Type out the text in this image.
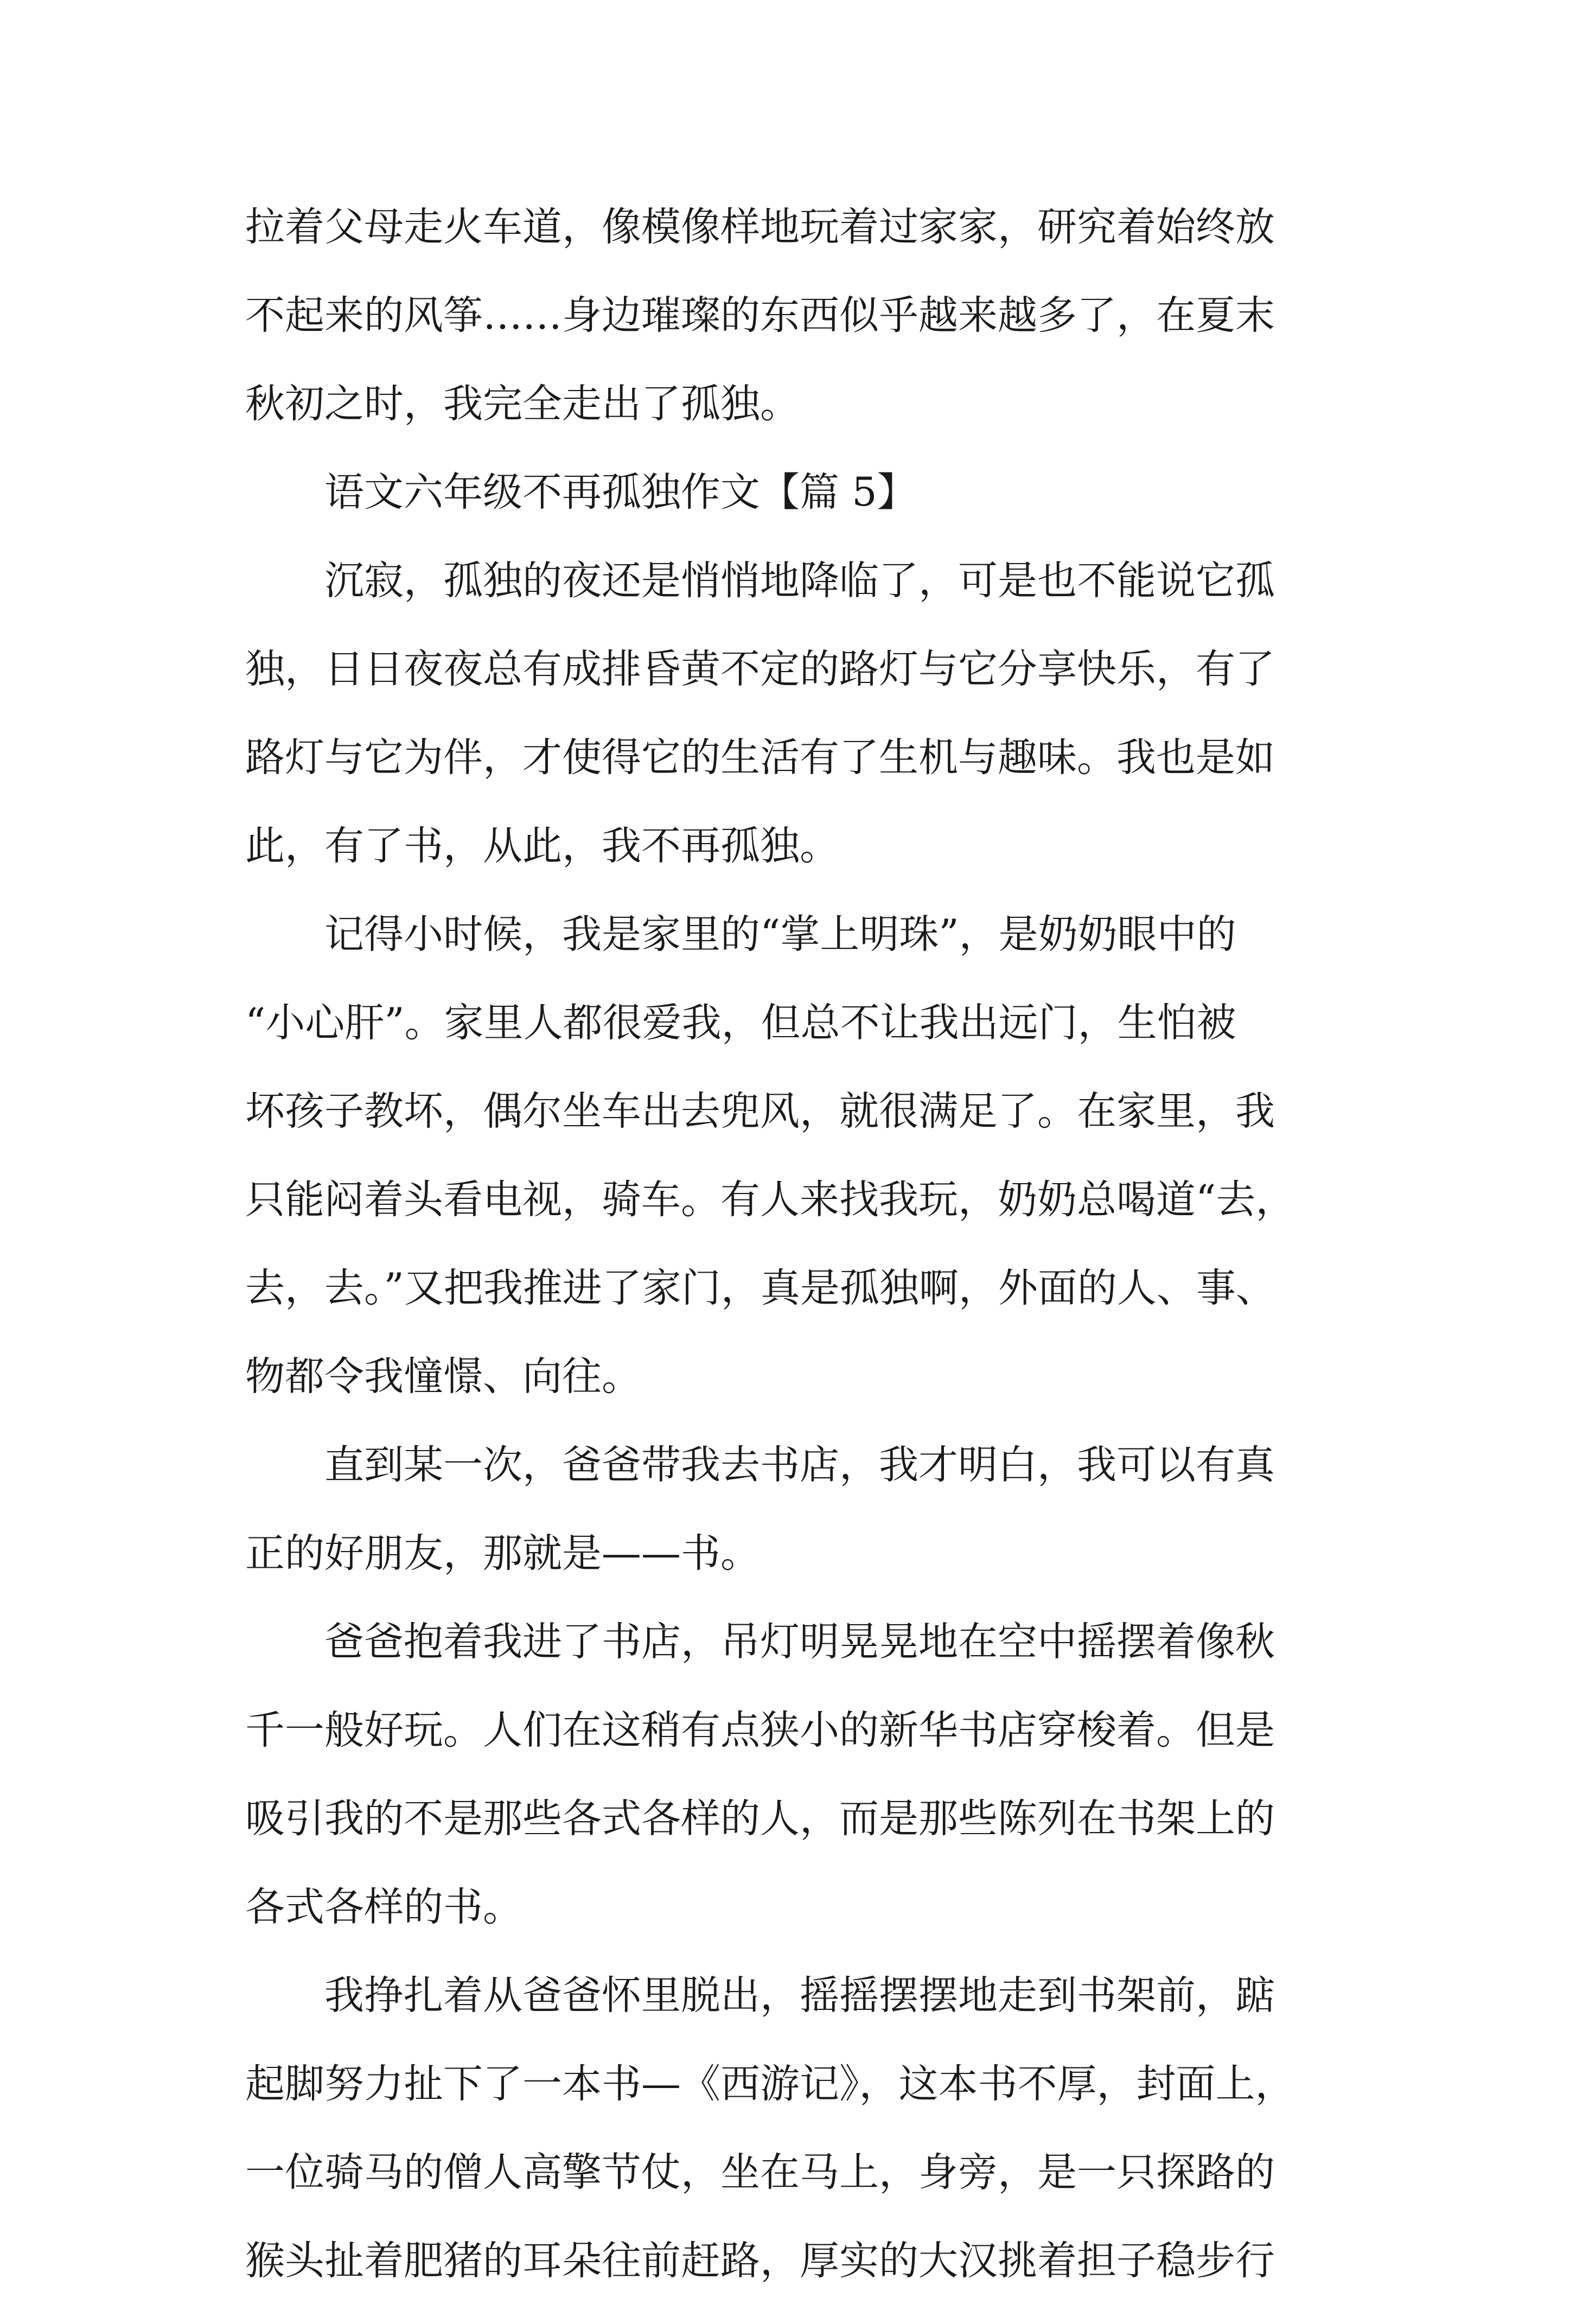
拉着父母走火车道，像模像样地玩着过家家，研究着始终放
不起来的风筝……身边璀璨的东西似乎越来越多了，在夏末
秋初之时，我完全走出了孤独。
语文六年级不再孤独作文【篇 5】
沉寂，孤独的夜还是悄悄地降临了，可是也不能说它孤
独，日日夜夜总有成排昏黄不定的路灯与它分享快乐，有了
路灯与它为伴，才使得它的生活有了生机与趣味。我也是如
此，有了书，从此，我不再孤独。
记得小时候，我是家里的“掌上明珠”，是奶奶眼中的
“小心肝”。家里人都很爱我，但总不让我出远门，生怕被
坏孩子教坏，偶尔坐车出去兜风，就很满足了。在家里，我
只能闷着头看电视，骑车。有人来找我玩，奶奶总喝道“去，
去，去。”又把我推进了家门，真是孤独啊，外面的人、事、
物都令我憧憬、向往。
直到某一次，爸爸带我去书店，我才明白，我可以有真
正的好朋友，那就是——书。
爸爸抱着我进了书店，吊灯明晃晃地在空中摇摆着像秋
千一般好玩。人们在这稍有点狭小的新华书店穿梭着。但是
吸引我的不是那些各式各样的人，而是那些陈列在书架上的
各式各样的书。
我挣扎着从爸爸怀里脱出，摇摇摆摆地走到书架前，踮
起脚努力扯下了一本书—《西游记》，这本书不厚，封面上，
一位骑马的僧人高擎节仗，坐在马上，身旁，是一只探路的
猴头扯着肥猪的耳朵往前赶路，厚实的大汉挑着担子稳步行
